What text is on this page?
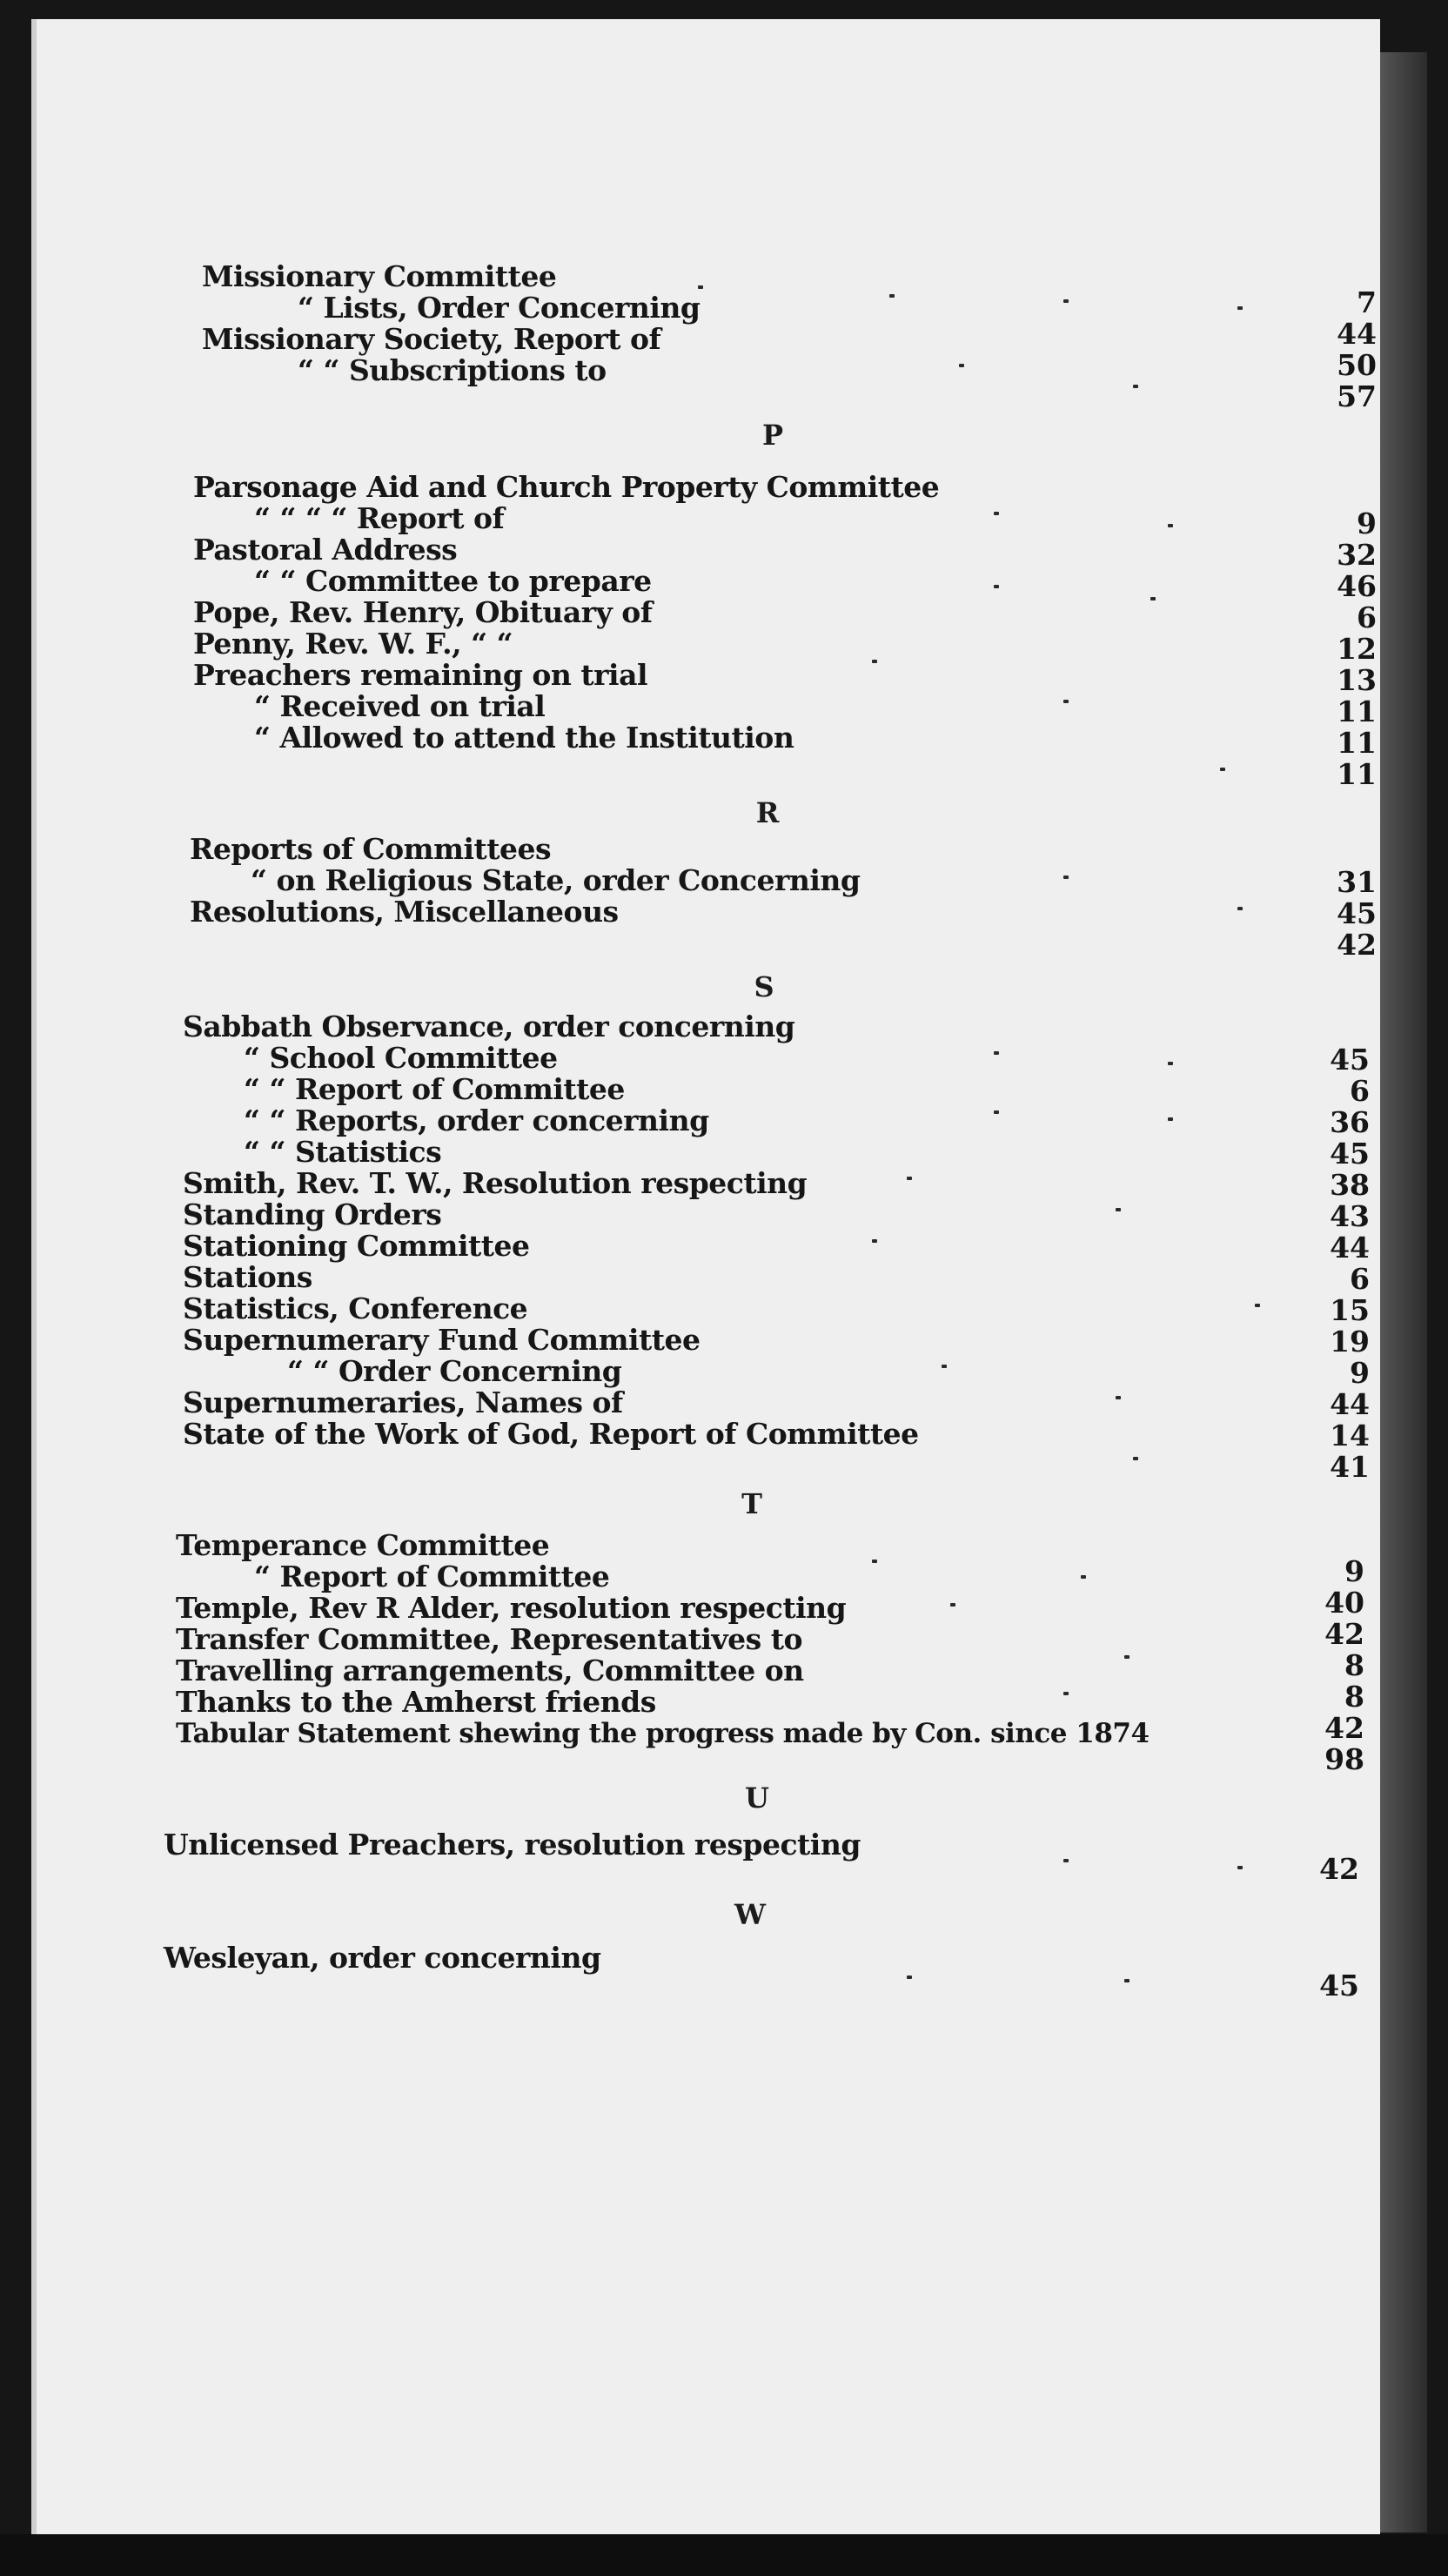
Missionary Committee
“ Lists, Order Concerning
Missionary Society, Report of
“ “ Subscriptions to
7
44
50
57
P
Parsonage Aid and Church Property Committee
“ “ “ “ Report of
Pastoral Address
“ “ Committee to prepare
Pope, Rev. Henry, Obituary of
Penny, Rev. W. F., “ “
Preachers remaining on trial
“ Received on trial
“ Allowed to attend the Institution
9
32
46
6
12
13
11
11
11
R
Reports of Committees
“ on Religious State, order Concerning
Resolutions, Miscellaneous
31
45
42
S
Sabbath Observance, order concerning
“ School Committee
“ “ Report of Committee
“ “ Reports, order concerning
“ “ Statistics
Smith, Rev. T. W., Resolution respecting
Standing Orders
Stationing Committee
Stations
Statistics, Conference
Supernumerary Fund Committee
“ “ Order Concerning
Supernumeraries, Names of
State of the Work of God, Report of Committee
45
6
36
45
38
43
44
6
15
19
9
44
14
41
T
Temperance Committee
“ Report of Committee
Temple, Rev R Alder, resolution respecting
Transfer Committee, Representatives to
Travelling arrangements, Committee on
Thanks to the Amherst friends
Tabular Statement shewing the progress made by Con. since 1874
9
40
42
8
8
42
98
U
Unlicensed Preachers, resolution respecting
42
W
Wesleyan, order concerning
45
